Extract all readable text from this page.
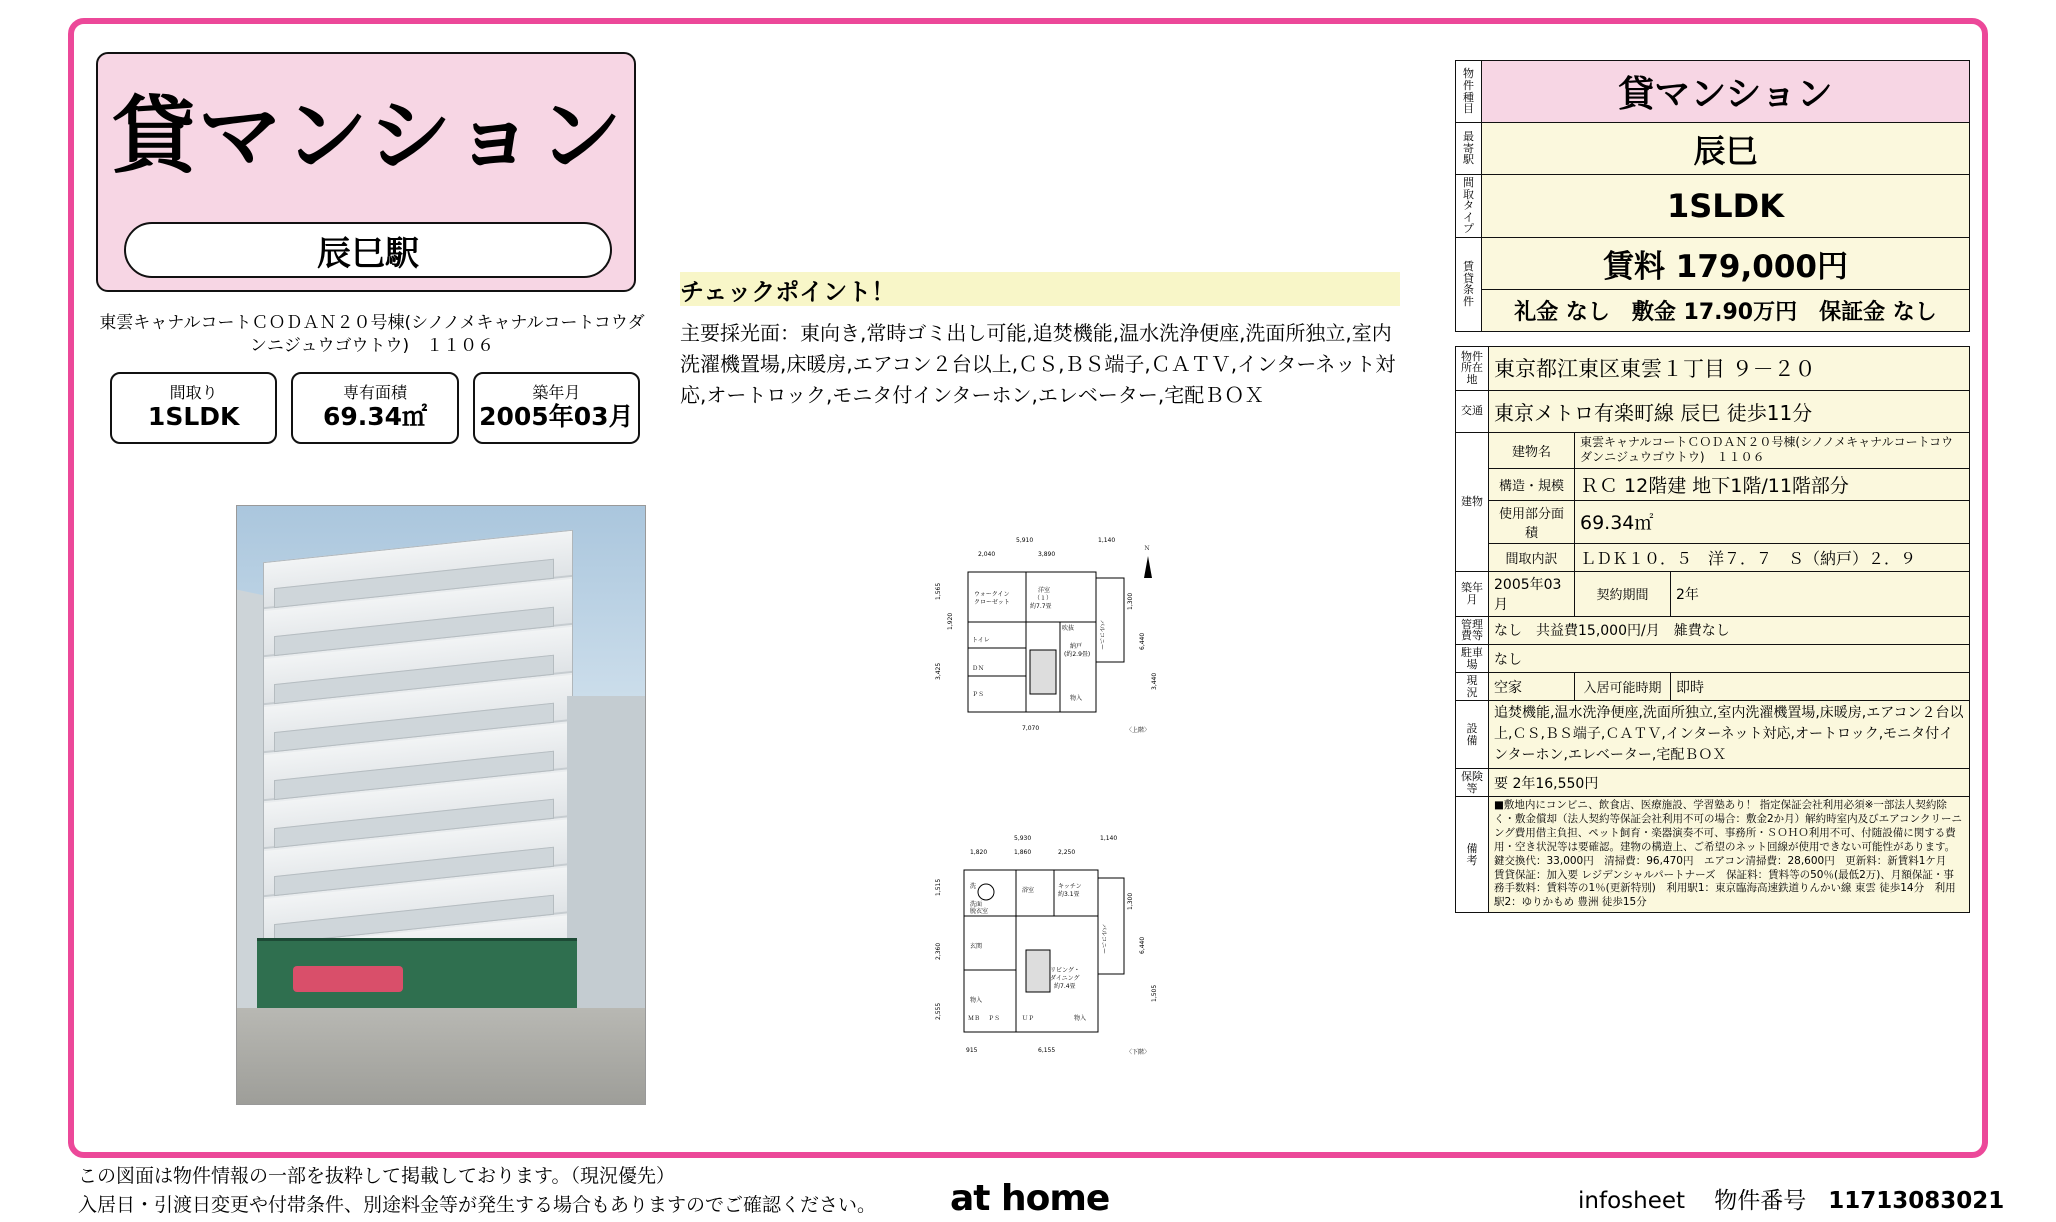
貸マンション
辰巳駅
東雲キャナルコートＣＯＤＡＮ２０号棟(シノノメキャナルコートコウダンニジュウゴウトウ)　１１０６
間取り
1SLDK
専有面積
69.34㎡
築年月
2005年03月
チェックポイント！
主要採光面：東向き,常時ゴミ出し可能,追焚機能,温水洗浄便座,洗面所独立,室内洗濯機置場,床暖房,エアコン２台以上,ＣＳ,ＢＳ端子,ＣＡＴＶ,インターネット対応,オートロック,モニタ付インターホン,エレベーター,宅配ＢＯＸ
ウォークイン
クローゼット
洋室
（１）
約7.7畳
バルコニー
吹抜
納戸
(約2.9畳)
トイレ
ＤＮ
ＰＳ
物入
5,910	1,140
2,040	3,890
1,565
1,920
3,425
1,300
6,440
3,440
7,070	〈上階〉
Ｎ
洗
洗面
脱衣室
浴室
キッチン
約3.1畳
バルコニー
リビング・
ダイニング
約7.4畳
玄関
ＭＢ ＰＳ	ＵＰ	物入
物入
5,930	1,140
1,820	1,860	2,250
1,515
2,360
2,555
1,300
6,440
1,505
915	6,155	〈下階〉
物件種目	貸マンション
最寄駅	辰巳
間取タイプ	1SLDK
賃貸条件	賃料 179,000円
	礼金 なし　敷金 17.90万円　保証金 なし
物件所在地	東京都江東区東雲１丁目 ９－２０		
交通	東京メトロ有楽町線 辰巳 徒歩11分		
建物	建物名	東雲キャナルコートＣＯＤＡＮ２０号棟(シノノメキャナルコートコウダンニジュウゴウトウ)　１１０６	
	構造・規模	ＲＣ 12階建 地下1階/11階部分	
	使用部分面積	69.34㎡	
	間取内訳	ＬＤＫ１０．５　洋７．７　Ｓ（納戸）２．９	
築年月	2005年03月	契約期間	2年
管理費等	なし　共益費15,000円/月　雑費なし		
駐車場	なし		
現　況	空家	入居可能時期	即時
設　備	追焚機能,温水洗浄便座,洗面所独立,室内洗濯機置場,床暖房,エアコン２台以上,ＣＳ,ＢＳ端子,ＣＡＴＶ,インターネット対応,オートロック,モニタ付インターホン,エレベーター,宅配ＢＯＸ		
保険等	要 2年16,550円		
備　考	■敷地内にコンビニ、飲食店、医療施設、学習塾あり！ 指定保証会社利用必須※一部法人契約除く・敷金償却（法人契約等保証会社利用不可の場合：敷金2か月）解約時室内及びエアコンクリーニング費用借主負担、ペット飼育・楽器演奏不可、事務所・ＳＯＨＯ利用不可、付随設備に関する費用・空き状況等は要確認。建物の構造上、ご希望のネット回線が使用できない可能性があります。　　鍵交換代：33,000円　清掃費：96,470円　エアコン清掃費：28,600円　更新料：新賃料1ケ月　賃貸保証：加入要 レジデンシャルパートナーズ　保証料：賃料等の50％(最低2万)、月額保証・事務手数料：賃料等の1％(更新特別)　利用駅1：東京臨海高速鉄道りんかい線 東雲 徒歩14分　利用駅2：ゆりかもめ 豊洲 徒歩15分		
この図面は物件情報の一部を抜粋して掲載しております。（現況優先）
入居日・引渡日変更や付帯条件、別途料金等が発生する場合もありますのでご確認ください。	at home	infosheet 物件番号 11713083021
